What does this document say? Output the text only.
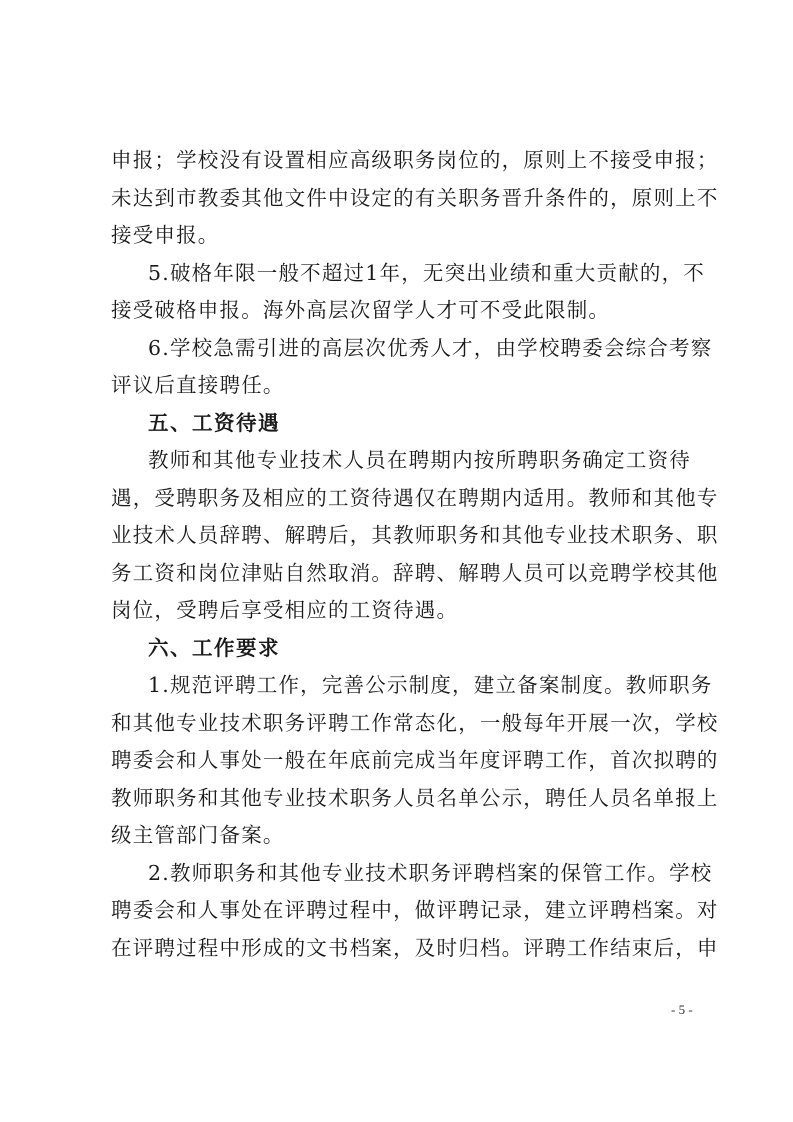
申报；学校没有设置相应高级职务岗位的，原则上不接受申报；
未达到市教委其他文件中设定的有关职务晋升条件的，原则上不
接受申报。
5.破格年限一般不超过1年，无突出业绩和重大贡献的，不
接受破格申报。海外高层次留学人才可不受此限制。
6.学校急需引进的高层次优秀人才，由学校聘委会综合考察
评议后直接聘任。
五、工资待遇
教师和其他专业技术人员在聘期内按所聘职务确定工资待
遇，受聘职务及相应的工资待遇仅在聘期内适用。教师和其他专
业技术人员辞聘、解聘后，其教师职务和其他专业技术职务、职
务工资和岗位津贴自然取消。辞聘、解聘人员可以竞聘学校其他
岗位，受聘后享受相应的工资待遇。
六、工作要求
1.规范评聘工作，完善公示制度，建立备案制度。教师职务
和其他专业技术职务评聘工作常态化，一般每年开展一次，学校
聘委会和人事处一般在年底前完成当年度评聘工作，首次拟聘的
教师职务和其他专业技术职务人员名单公示，聘任人员名单报上
级主管部门备案。
2.教师职务和其他专业技术职务评聘档案的保管工作。学校
聘委会和人事处在评聘过程中，做评聘记录，建立评聘档案。对
在评聘过程中形成的文书档案，及时归档。评聘工作结束后，申
- 5 -
